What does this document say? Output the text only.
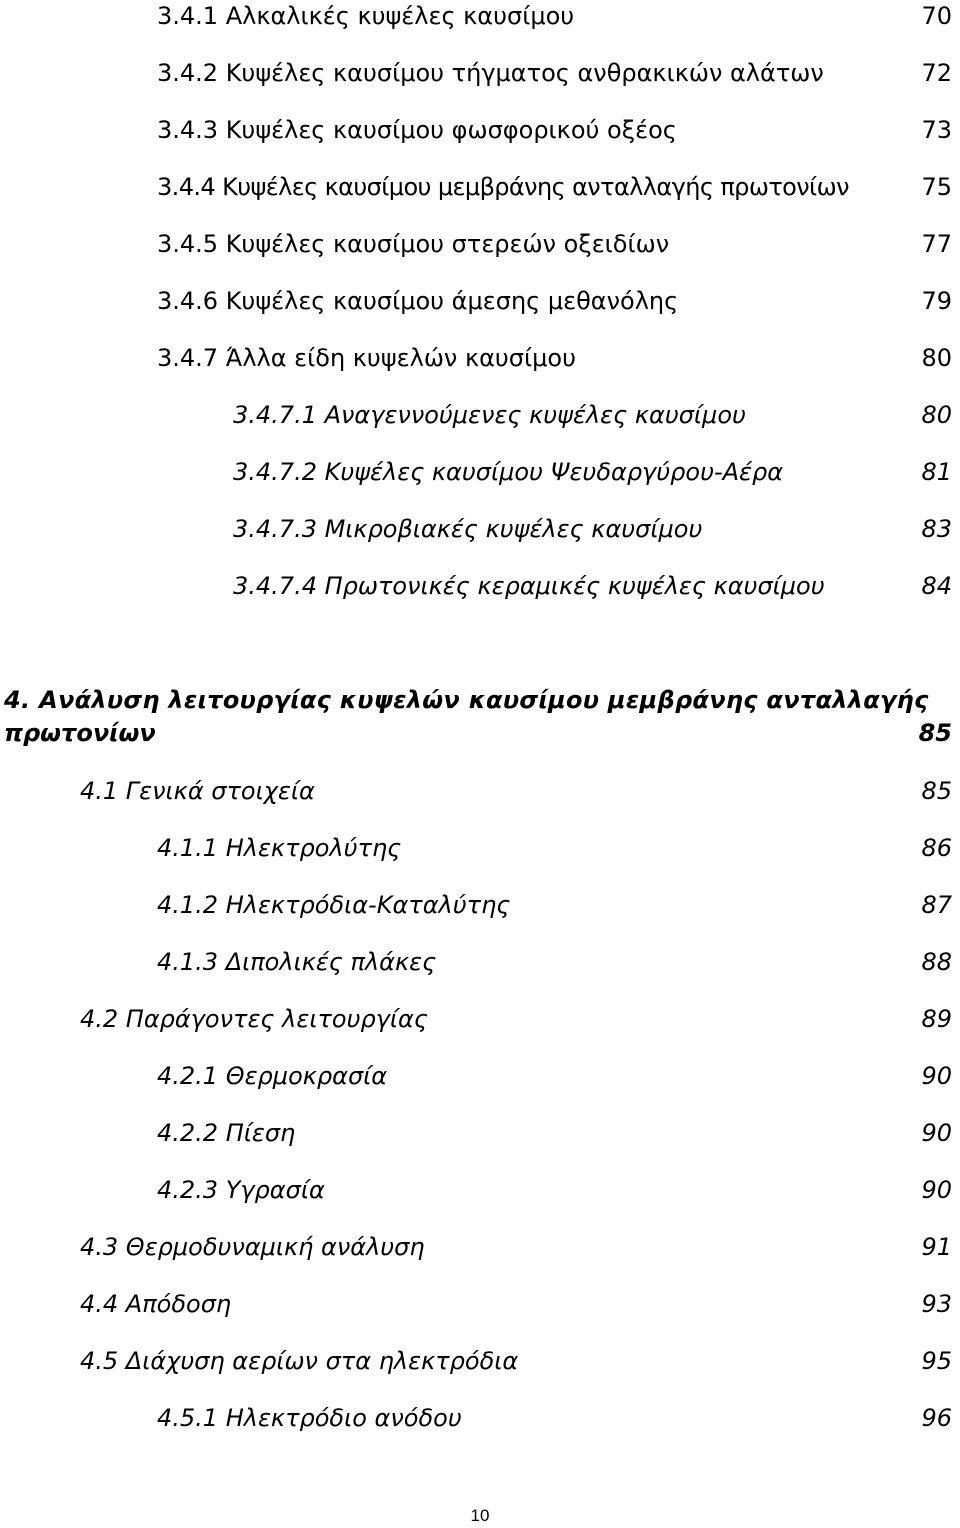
3.4.1 Αλκαλικές κυψέλες καυσίμου	70
3.4.2 Κυψέλες καυσίμου τήγματος ανθρακικών αλάτων	72
3.4.3 Κυψέλες καυσίμου φωσφορικού οξέος	73
3.4.4 Κυψέλες καυσίμου μεμβράνης ανταλλαγής πρωτονίων	75
3.4.5 Κυψέλες καυσίμου στερεών οξειδίων	77
3.4.6 Κυψέλες καυσίμου άμεσης μεθανόλης	79
3.4.7 Άλλα είδη κυψελών καυσίμου	80
3.4.7.1 Αναγεννούμενες κυψέλες καυσίμου	80
3.4.7.2 Κυψέλες καυσίμου Ψευδαργύρου-Αέρα	81
3.4.7.3 Μικροβιακές κυψέλες καυσίμου	83
3.4.7.4 Πρωτονικές κεραμικές κυψέλες καυσίμου	84
4. Ανάλυση λειτουργίας κυψελών καυσίμου μεμβράνης ανταλλαγής
πρωτονίων	85
4.1 Γενικά στοιχεία	85
4.1.1 Ηλεκτρολύτης	86
4.1.2 Ηλεκτρόδια-Καταλύτης	87
4.1.3 Διπολικές πλάκες	88
4.2 Παράγοντες λειτουργίας	89
4.2.1 Θερμοκρασία	90
4.2.2 Πίεση	90
4.2.3 Υγρασία	90
4.3 Θερμοδυναμική ανάλυση	91
4.4 Απόδοση	93
4.5 Διάχυση αερίων στα ηλεκτρόδια	95
4.5.1 Ηλεκτρόδιο ανόδου	96
10
